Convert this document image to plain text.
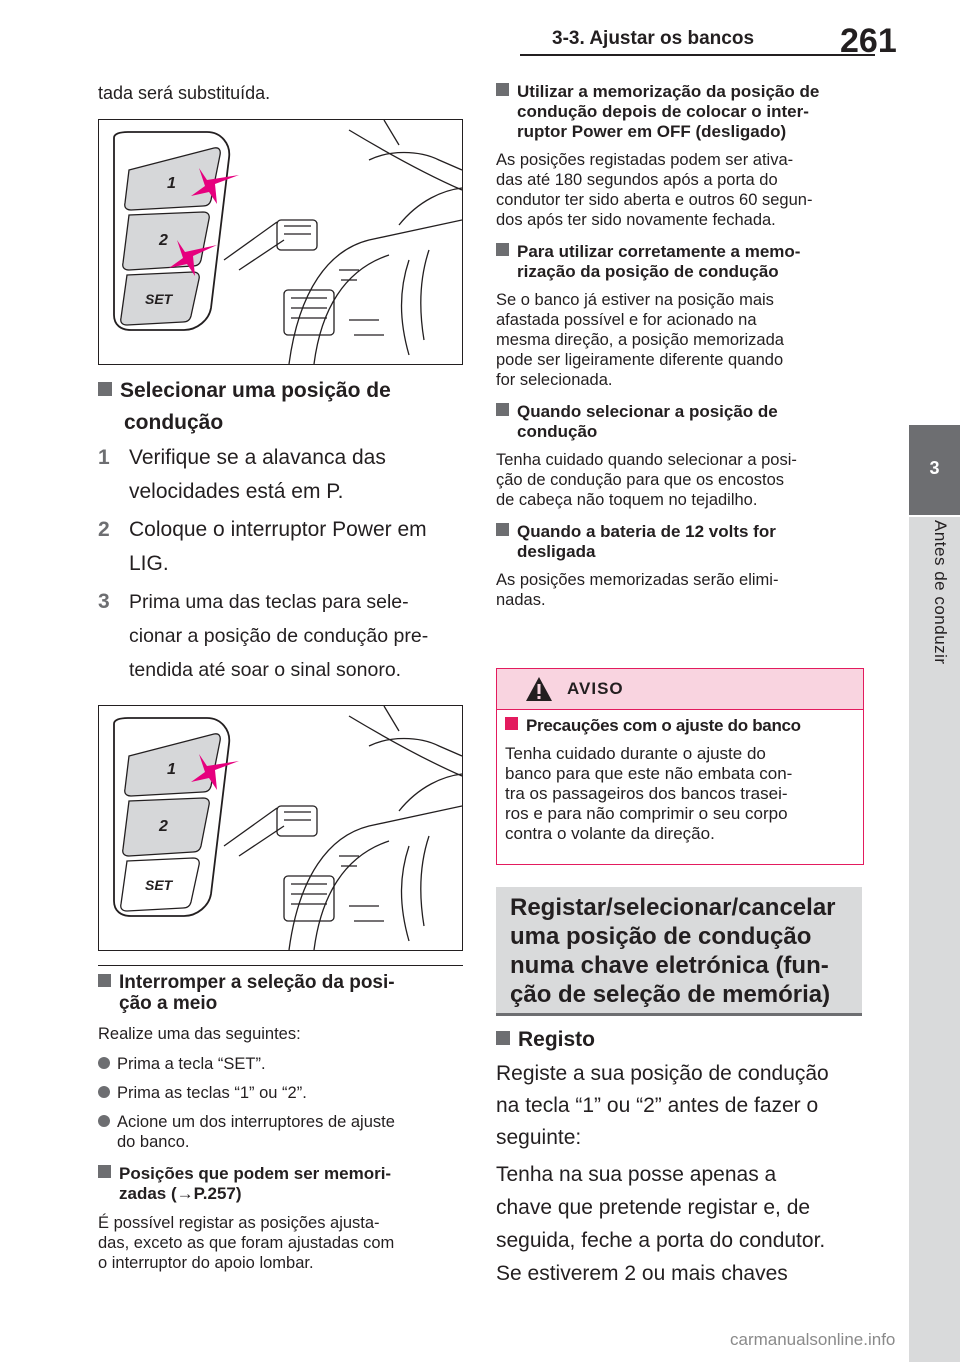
3-3. Ajustar os bancos	261
3
Antes de conduzir

tada será substituída.

1
2
SET

Selecionar uma posição de
condução

1 Verifique se a alavanca das
velocidades está em P.

2 Coloque o interruptor Power em
LIG.

3 Prima uma das teclas para sele-
cionar a posição de condução pre-
tendida até soar o sinal sonoro.

1
2
SET

Interromper a seleção da posi-
ção a meio

Realize uma das seguintes:

Prima a tecla “SET”.

Prima as teclas “1” ou “2”.

Acione um dos interruptores de ajuste
do banco.

Posições que podem ser memori-
zadas (→P.257)

É possível registar as posições ajusta-
das, exceto as que foram ajustadas com
o interruptor do apoio lombar.

Utilizar a memorização da posição de
condução depois de colocar o inter-
ruptor Power em OFF (desligado)

As posições registadas podem ser ativa-
das até 180 segundos após a porta do
condutor ter sido aberta e outros 60 segun-
dos após ter sido novamente fechada.

Para utilizar corretamente a memo-
rização da posição de condução

Se o banco já estiver na posição mais
afastada possível e for acionado na
mesma direção, a posição memorizada
pode ser ligeiramente diferente quando
for selecionada.

Quando selecionar a posição de
condução

Tenha cuidado quando selecionar a posi-
ção de condução para que os encostos
de cabeça não toquem no tejadilho.

Quando a bateria de 12 volts for
desligada

As posições memorizadas serão elimi-
nadas.

AVISO

Precauções com o ajuste do banco

Tenha cuidado durante o ajuste do
banco para que este não embata con-
tra os passageiros dos bancos trasei-
ros e para não comprimir o seu corpo
contra o volante da direção.

Registar/selecionar/cancelar
uma posição de condução
numa chave eletrónica (fun-
ção de seleção de memória)

Registo

Registe a sua posição de condução
na tecla “1” ou “2” antes de fazer o
seguinte:

Tenha na sua posse apenas a
chave que pretende registar e, de
seguida, feche a porta do condutor.
Se estiverem 2 ou mais chaves

carmanualsonline.info
